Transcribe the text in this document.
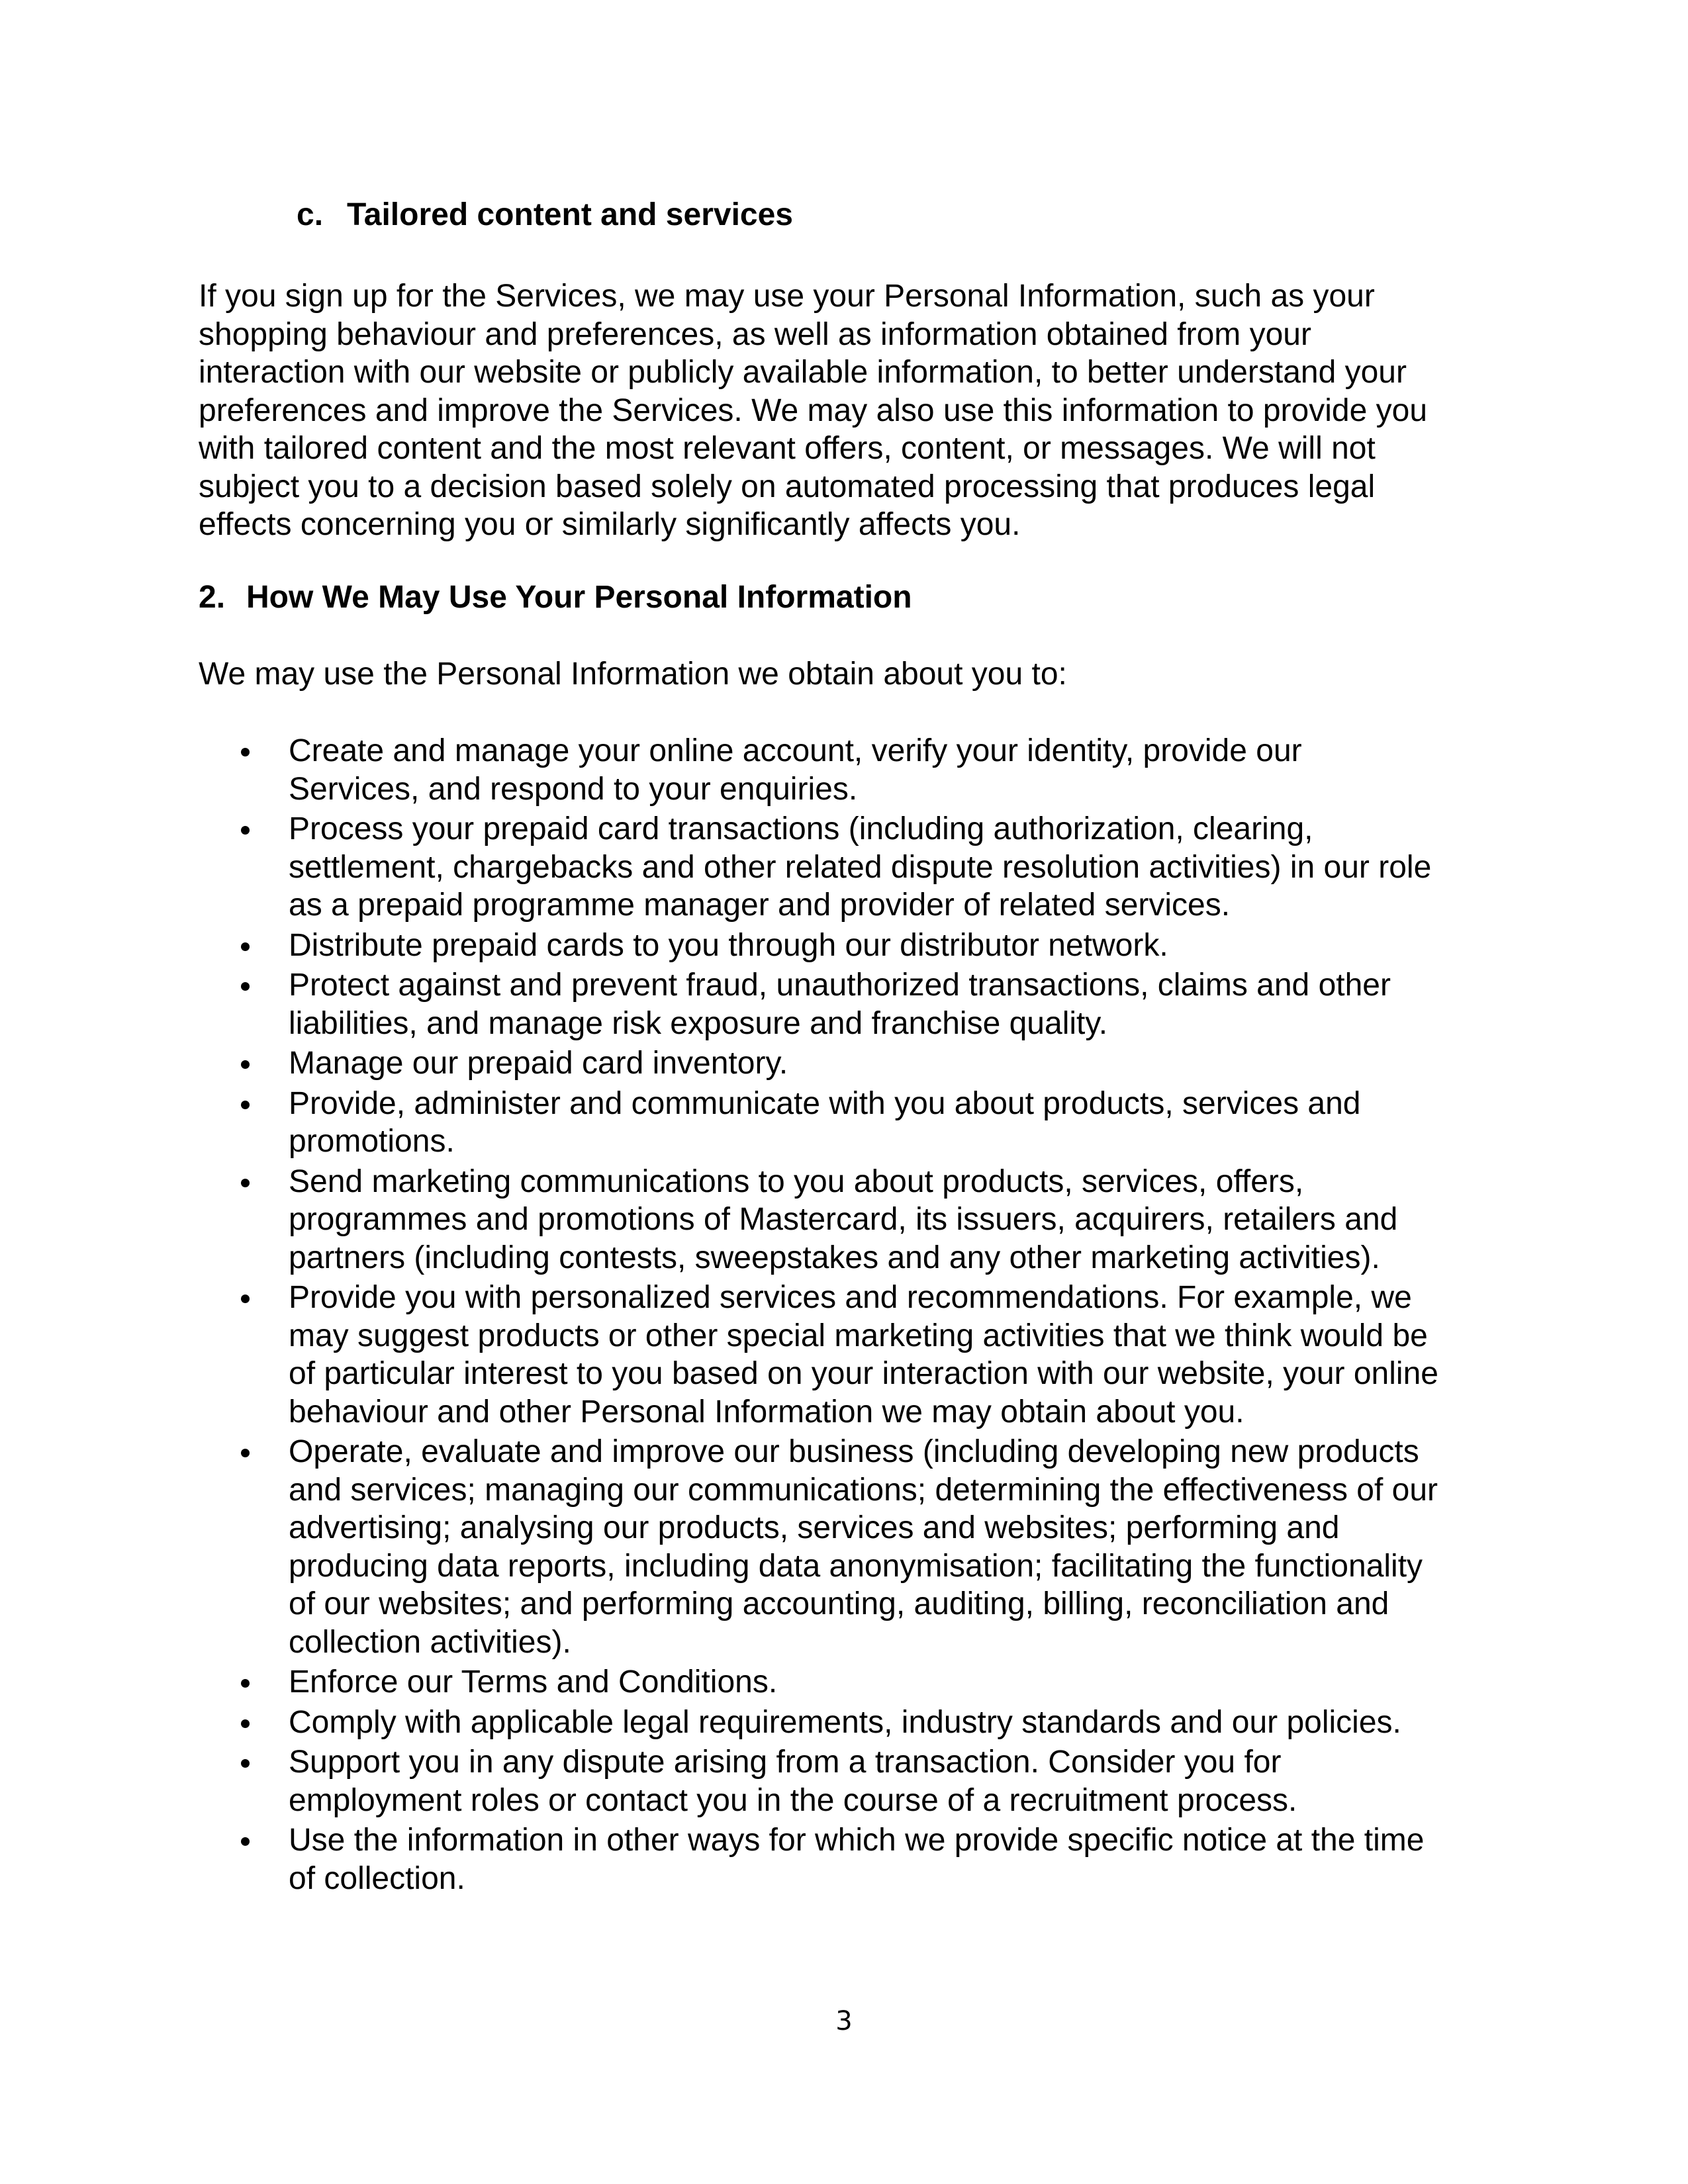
c. Tailored content and services

If you sign up for the Services, we may use your Personal Information, such as your
shopping behaviour and preferences, as well as information obtained from your
interaction with our website or publicly available information, to better understand your
preferences and improve the Services. We may also use this information to provide you
with tailored content and the most relevant offers, content, or messages. We will not
subject you to a decision based solely on automated processing that produces legal
effects concerning you or similarly significantly affects you.

2. How We May Use Your Personal Information

We may use the Personal Information we obtain about you to:

Create and manage your online account, verify your identity, provide our
Services, and respond to your enquiries.
Process your prepaid card transactions (including authorization, clearing,
settlement, chargebacks and other related dispute resolution activities) in our role
as a prepaid programme manager and provider of related services.
Distribute prepaid cards to you through our distributor network.
Protect against and prevent fraud, unauthorized transactions, claims and other
liabilities, and manage risk exposure and franchise quality.
Manage our prepaid card inventory.
Provide, administer and communicate with you about products, services and
promotions.
Send marketing communications to you about products, services, offers,
programmes and promotions of Mastercard, its issuers, acquirers, retailers and
partners (including contests, sweepstakes and any other marketing activities).
Provide you with personalized services and recommendations. For example, we
may suggest products or other special marketing activities that we think would be
of particular interest to you based on your interaction with our website, your online
behaviour and other Personal Information we may obtain about you.
Operate, evaluate and improve our business (including developing new products
and services; managing our communications; determining the effectiveness of our
advertising; analysing our products, services and websites; performing and
producing data reports, including data anonymisation; facilitating the functionality
of our websites; and performing accounting, auditing, billing, reconciliation and
collection activities).
Enforce our Terms and Conditions.
Comply with applicable legal requirements, industry standards and our policies.
Support you in any dispute arising from a transaction. Consider you for
employment roles or contact you in the course of a recruitment process.
Use the information in other ways for which we provide specific notice at the time
of collection.
3
